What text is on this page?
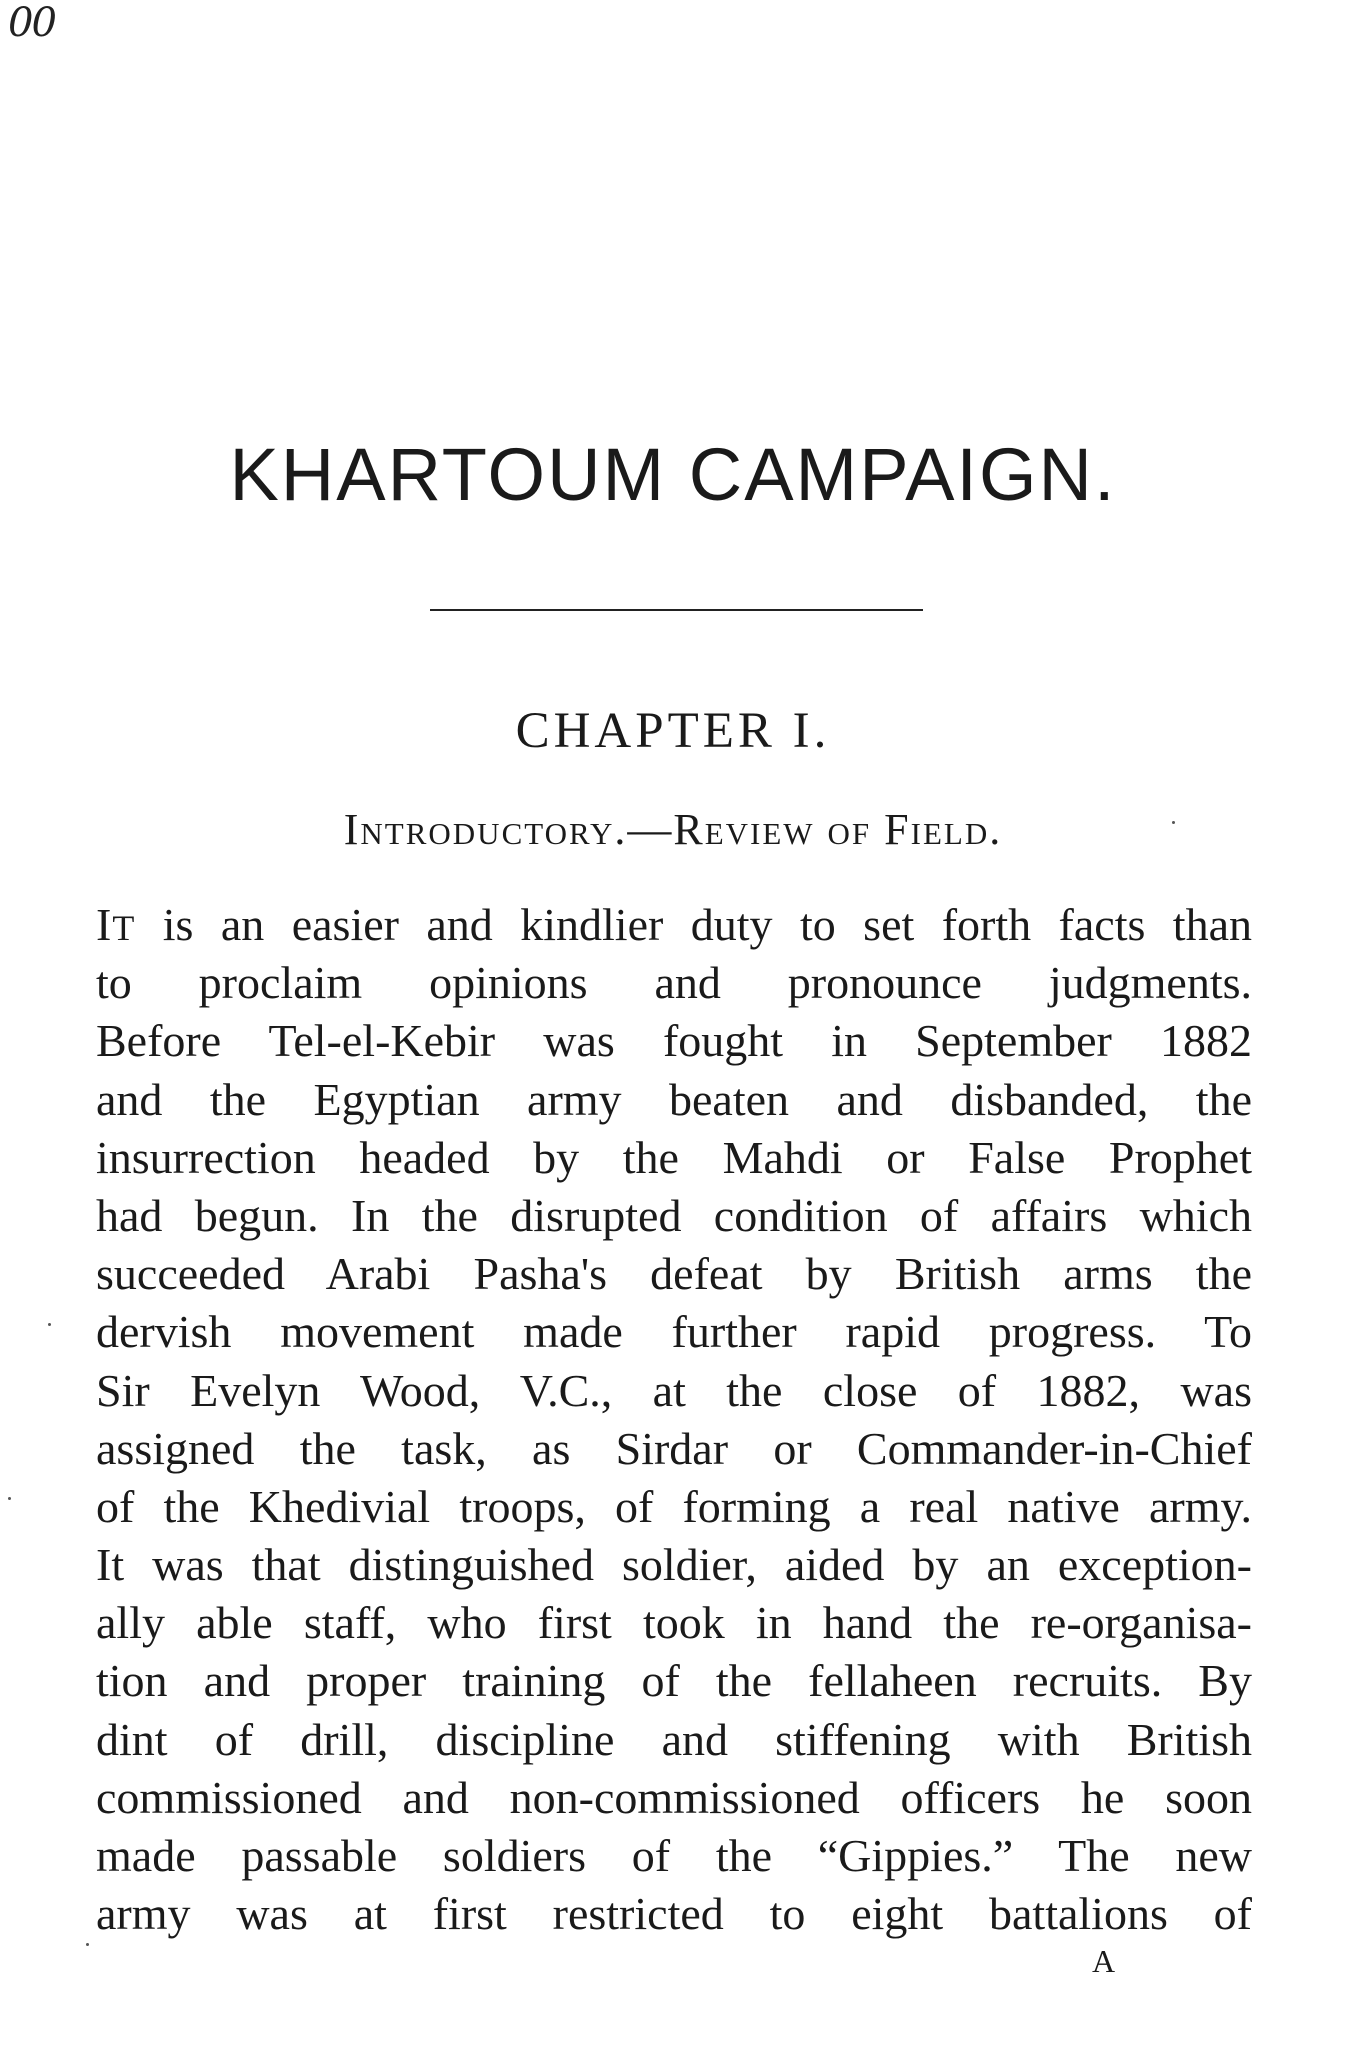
00
KHARTOUM CAMPAIGN.
CHAPTER I.
Introductory.—Review of Field.
IT is an easier and kindlier duty to set forth facts than
to proclaim opinions and pronounce judgments.
Before Tel-el-Kebir was fought in September 1882
and the Egyptian army beaten and disbanded, the
insurrection headed by the Mahdi or False Prophet
had begun. In the disrupted condition of affairs which
succeeded Arabi Pasha's defeat by British arms the
dervish movement made further rapid progress. To
Sir Evelyn Wood, V.C., at the close of 1882, was
assigned the task, as Sirdar or Commander-in-Chief
of the Khedivial troops, of forming a real native army.
It was that distinguished soldier, aided by an exception-
ally able staff, who first took in hand the re-organisa-
tion and proper training of the fellaheen recruits. By
dint of drill, discipline and stiffening with British
commissioned and non-commissioned officers he soon
made passable soldiers of the “Gippies.” The new
army was at first restricted to eight battalions of
A
